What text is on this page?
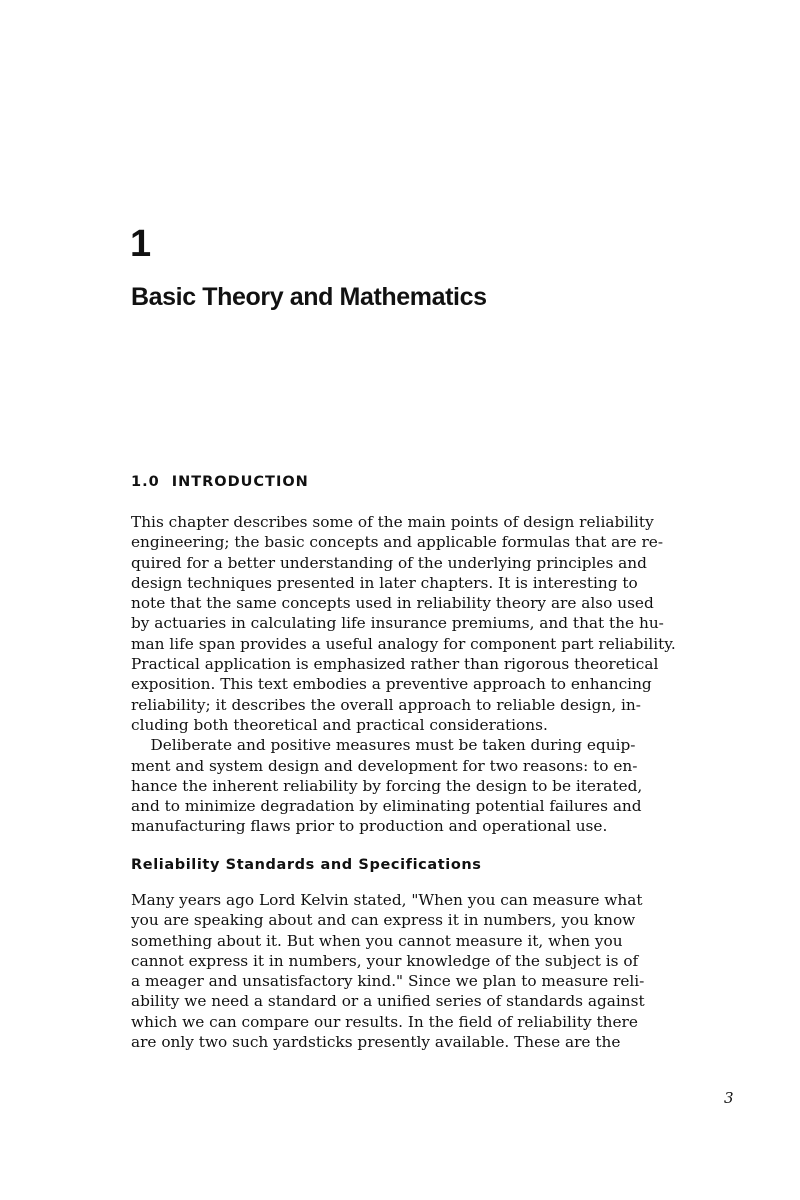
1
Basic Theory and Mathematics
1.0 INTRODUCTION
This chapter describes some of the main points of design reliability
engineering; the basic concepts and applicable formulas that are re-
quired for a better understanding of the underlying principles and
design techniques presented in later chapters. It is interesting to
note that the same concepts used in reliability theory are also used
by actuaries in calculating life insurance premiums, and that the hu-
man life span provides a useful analogy for component part reliability.
Practical application is emphasized rather than rigorous theoretical
exposition. This text embodies a preventive approach to enhancing
reliability; it describes the overall approach to reliable design, in-
cluding both theoretical and practical considerations.
Deliberate and positive measures must be taken during equip-
ment and system design and development for two reasons: to en-
hance the inherent reliability by forcing the design to be iterated,
and to minimize degradation by eliminating potential failures and
manufacturing flaws prior to production and operational use.
Reliability Standards and Specifications
Many years ago Lord Kelvin stated, "When you can measure what
you are speaking about and can express it in numbers, you know
something about it. But when you cannot measure it, when you
cannot express it in numbers, your knowledge of the subject is of
a meager and unsatisfactory kind." Since we plan to measure reli-
ability we need a standard or a unified series of standards against
which we can compare our results. In the field of reliability there
are only two such yardsticks presently available. These are the
3
